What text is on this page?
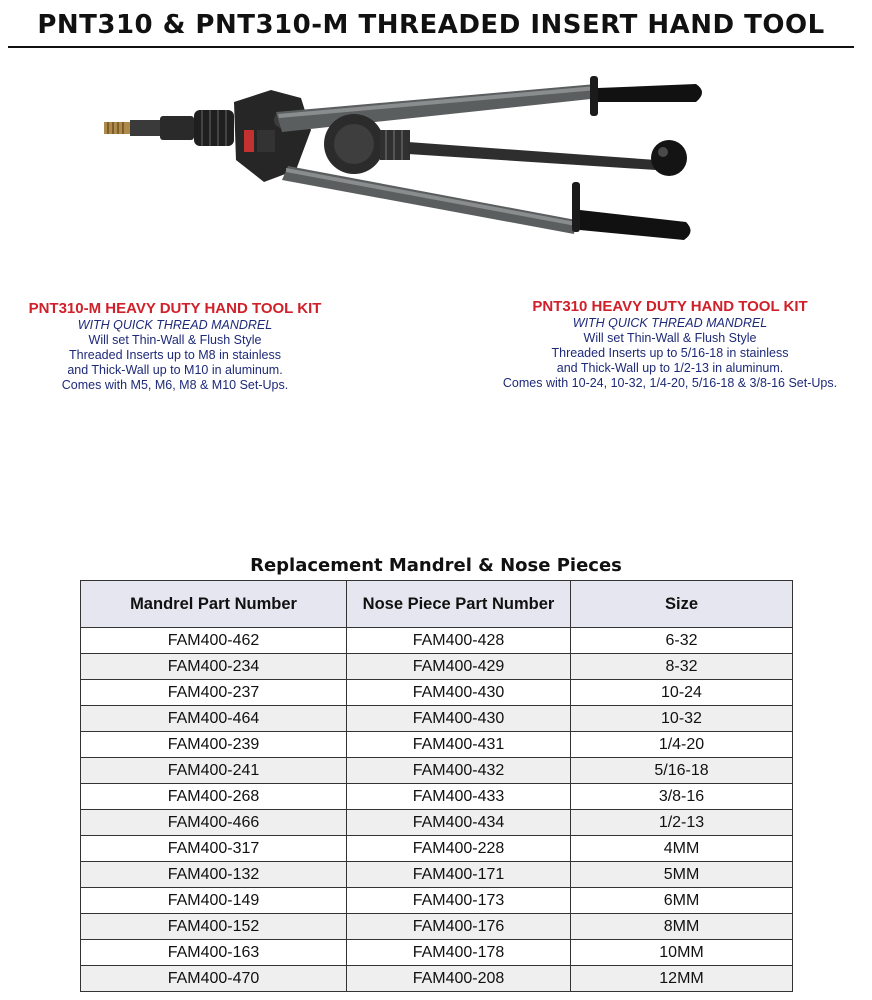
PNT310 & PNT310-M THREADED INSERT HAND TOOL
PNT310-M HEAVY DUTY HAND TOOL KIT
WITH QUICK THREAD MANDREL
Will set Thin-Wall & Flush Style
Threaded Inserts up to M8 in stainless
and Thick-Wall up to M10 in aluminum.
Comes with M5, M6, M8 & M10 Set-Ups.
PNT310 HEAVY DUTY HAND TOOL KIT
WITH QUICK THREAD MANDREL
Will set Thin-Wall & Flush Style
Threaded Inserts up to 5/16-18 in stainless
and Thick-Wall up to 1/2-13 in aluminum.
Comes with 10-24, 10-32, 1/4-20, 5/16-18 & 3/8-16 Set-Ups.
Replacement Mandrel & Nose Pieces
Mandrel Part Number	Nose Piece Part Number	Size
FAM400-462	FAM400-428	6-32
FAM400-234	FAM400-429	8-32
FAM400-237	FAM400-430	10-24
FAM400-464	FAM400-430	10-32
FAM400-239	FAM400-431	1/4-20
FAM400-241	FAM400-432	5/16-18
FAM400-268	FAM400-433	3/8-16
FAM400-466	FAM400-434	1/2-13
FAM400-317	FAM400-228	4MM
FAM400-132	FAM400-171	5MM
FAM400-149	FAM400-173	6MM
FAM400-152	FAM400-176	8MM
FAM400-163	FAM400-178	10MM
FAM400-470	FAM400-208	12MM
